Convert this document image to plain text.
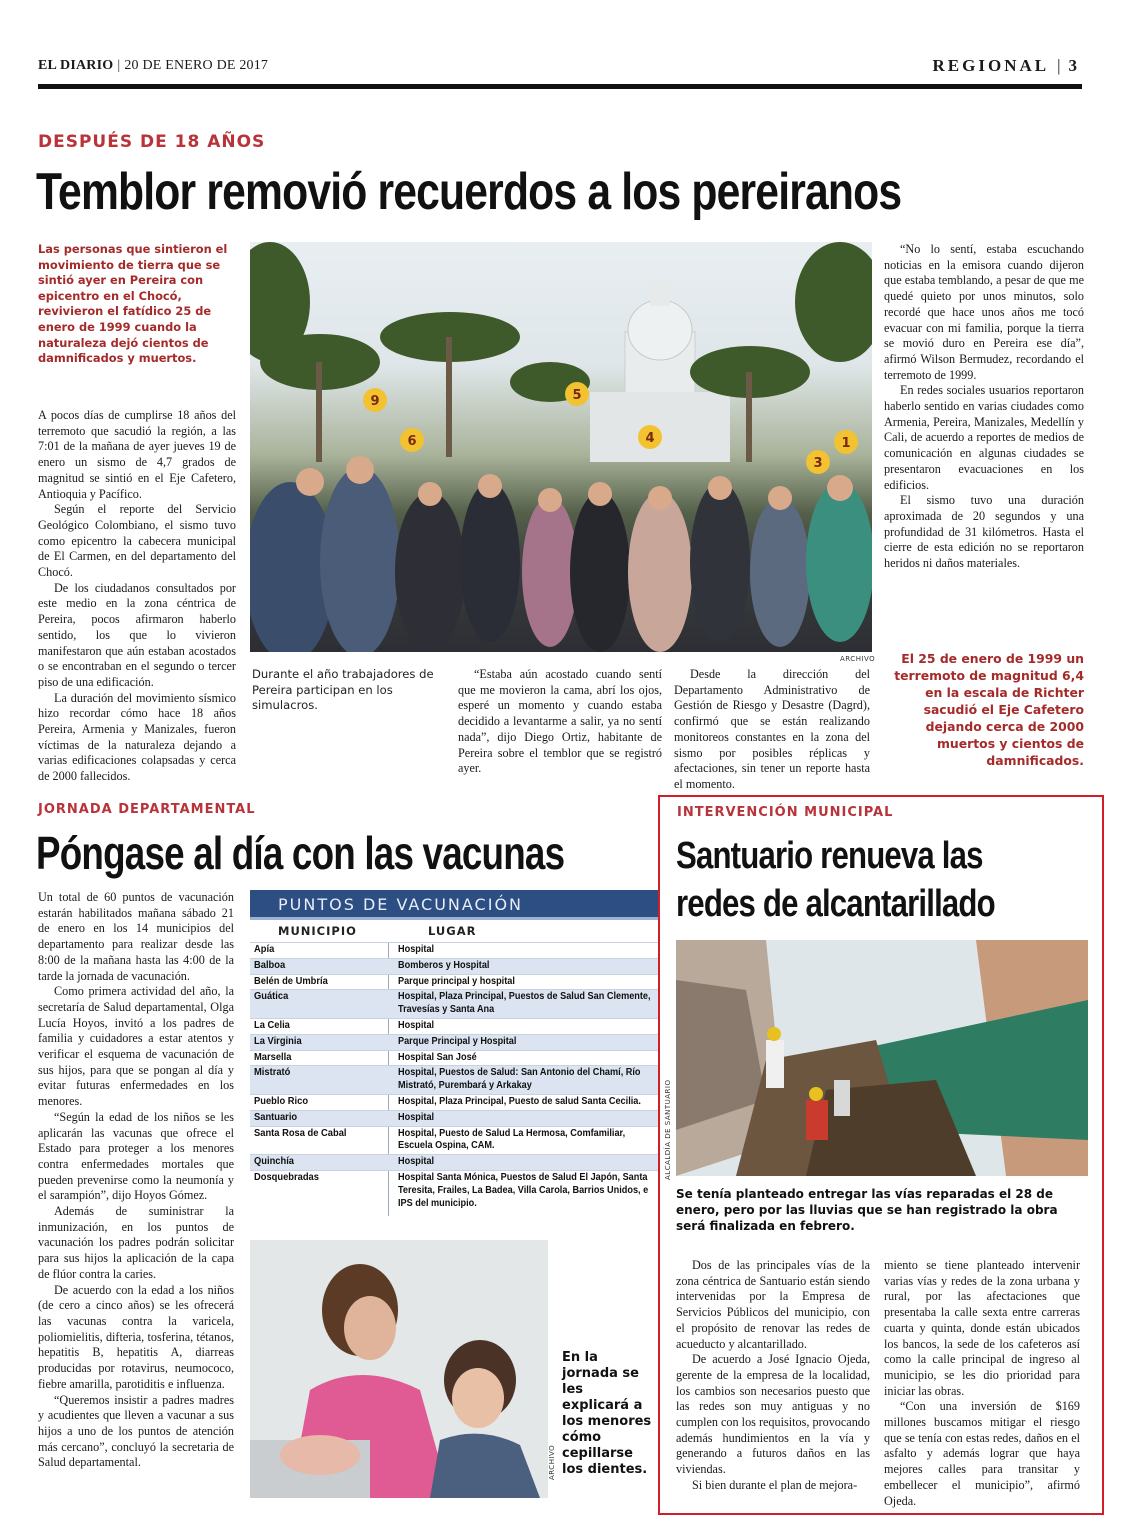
EL DIARIO | 20 DE ENERO DE 2017	REGIONAL | 3
DESPUÉS DE 18 AÑOS
Temblor removió recuerdos a los pereiranos
Las personas que sintieron el movimiento de tierra que se sintió ayer en Pereira con epicentro en el Chocó, revivieron el fatídico 25 de enero de 1999 cuando la naturaleza dejó cientos de damnificados y muertos.

A pocos días de cumplirse 18 años del terremoto que sacudió la región, a las 7:01 de la mañana de ayer jueves 19 de enero un sismo de 4,7 grados de magnitud se sintió en el Eje Cafetero, Antioquia y Pacífico.

Según el reporte del Servicio Geológico Colombiano, el sismo tuvo como epicentro la cabecera municipal de El Carmen, en del departamento del Chocó.

De los ciudadanos consultados por este medio en la zona céntrica de Pereira, pocos afirmaron haberlo sentido, los que lo vivieron manifestaron que aún estaban acostados o se encontraban en el segundo o tercer piso de una edificación.

La duración del movimiento sísmico hizo recordar cómo hace 18 años Pereira, Armenia y Manizales, fueron víctimas de la naturaleza dejando a varias edificaciones colapsadas y cerca de 2000 fallecidos.

9
6
5
4
3
1
ARCHIVO
Durante el año trabajadores de Pereira participan en los simulacros.

“Estaba aún acostado cuando sentí que me movieron la cama, abrí los ojos, esperé un momento y cuando estaba decidido a levantarme a salir, ya no sentí nada”, dijo Diego Ortiz, habitante de Pereira sobre el temblor que se registró ayer.

Desde la dirección del Departamento Administrativo de Gestión de Riesgo y Desastre (Dagrd), confirmó que se están realizando monitoreos constantes en la zona del sismo por posibles réplicas y afectaciones, sin tener un reporte hasta el momento.

“No lo sentí, estaba escuchando noticias en la emisora cuando dijeron que estaba temblando, a pesar de que me quedé quieto por unos minutos, solo recordé que hace unos años me tocó evacuar con mi familia, porque la tierra se movió duro en Pereira ese día”, afirmó Wilson Bermudez, recordando el terremoto de 1999.

En redes sociales usuarios reportaron haberlo sentido en varias ciudades como Armenia, Pereira, Manizales, Medellín y Cali, de acuerdo a reportes de medios de comunicación en algunas ciudades se presentaron evacuaciones en los edificios.

El sismo tuvo una duración aproximada de 20 segundos y una profundidad de 31 kilómetros. Hasta el cierre de esta edición no se reportaron heridos ni daños materiales.

El 25 de enero de 1999 un terremoto de magnitud 6,4 en la escala de Richter sacudió el Eje Cafetero dejando cerca de 2000 muertos y cientos de damnificados.
JORNADA DEPARTAMENTAL
Póngase al día con las vacunas

Un total de 60 puntos de vacunación estarán habilitados mañana sábado 21 de enero en los 14 municipios del departamento para realizar desde las 8:00 de la mañana hasta las 4:00 de la tarde la jornada de vacunación.

Como primera actividad del año, la secretaría de Salud departamental, Olga Lucía Hoyos, invitó a los padres de familia y cuidadores a estar atentos y verificar el esquema de vacunación de sus hijos, para que se pongan al día y evitar futuras enfermedades en los menores.

“Según la edad de los niños se les aplicarán las vacunas que ofrece el Estado para proteger a los menores contra enfermedades mortales que pueden prevenirse como la neumonía y el sarampión”, dijo Hoyos Gómez.

Además de suministrar la inmunización, en los puntos de vacunación los padres podrán solicitar para sus hijos la aplicación de la capa de flúor contra la caries.

De acuerdo con la edad a los niños (de cero a cinco años) se les ofrecerá las vacunas contra la varicela, poliomielitis, difteria, tosferina, tétanos, hepatitis B, hepatitis A, diarreas producidas por rotavirus, neumococo, fiebre amarilla, parotiditis e influenza.

“Queremos insistir a padres madres y acudientes que lleven a vacunar a sus hijos a uno de los puntos de atención más cercano”, concluyó la secretaria de Salud departamental.

PUNTOS DE VACUNACIÓN
MUNICIPIO	LUGAR
Apía	Hospital
Balboa	Bomberos y Hospital
Belén de Umbría	Parque principal y hospital
Guática	Hospital, Plaza Principal, Puestos de Salud San Clemente, Travesías y Santa Ana
La Celia	Hospital
La Virginia	Parque Principal y Hospital
Marsella	Hospital San José
Mistrató	Hospital, Puestos de Salud: San Antonio del Chamí, Río Mistrató, Purembará y Arkakay
Pueblo Rico	Hospital, Plaza Principal, Puesto de salud Santa Cecilia.
Santuario	Hospital
Santa Rosa de Cabal	Hospital, Puesto de Salud La Hermosa, Comfamiliar, Escuela Ospina, CAM.
Quinchía	Hospital
Dosquebradas	Hospital Santa Mónica, Puestos de Salud El Japón, Santa Teresita, Frailes, La Badea, Villa Carola, Barrios Unidos, e IPS del municipio.
ARCHIVO
En la jornada se les explicará a los menores cómo cepillarse los dientes.
INTERVENCIÓN MUNICIPAL
Santuario renueva las redes de alcantarillado
ALCALDÍA DE SANTUARIO
Se tenía planteado entregar las vías reparadas el 28 de enero, pero por las lluvias que se han registrado la obra será finalizada en febrero.

Dos de las principales vías de la zona céntrica de Santuario están siendo intervenidas por la Empresa de Servicios Públicos del municipio, con el propósito de renovar las redes de acueducto y alcantarillado.

De acuerdo a José Ignacio Ojeda, gerente de la empresa de la localidad, los cambios son necesarios puesto que las redes son muy antiguas y no cumplen con los requisitos, provocando además hundimientos en la vía y generando a futuros daños en las viviendas.

Si bien durante el plan de mejora-

miento se tiene planteado intervenir varias vías y redes de la zona urbana y rural, por las afectaciones que presentaba la calle sexta entre carreras cuarta y quinta, donde están ubicados los bancos, la sede de los cafeteros así como la calle principal de ingreso al municipio, se les dio prioridad para iniciar las obras.

“Con una inversión de $169 millones buscamos mitigar el riesgo que se tenía con estas redes, daños en el asfalto y además lograr que haya mejores calles para transitar y embellecer el municipio”, afirmó Ojeda.
